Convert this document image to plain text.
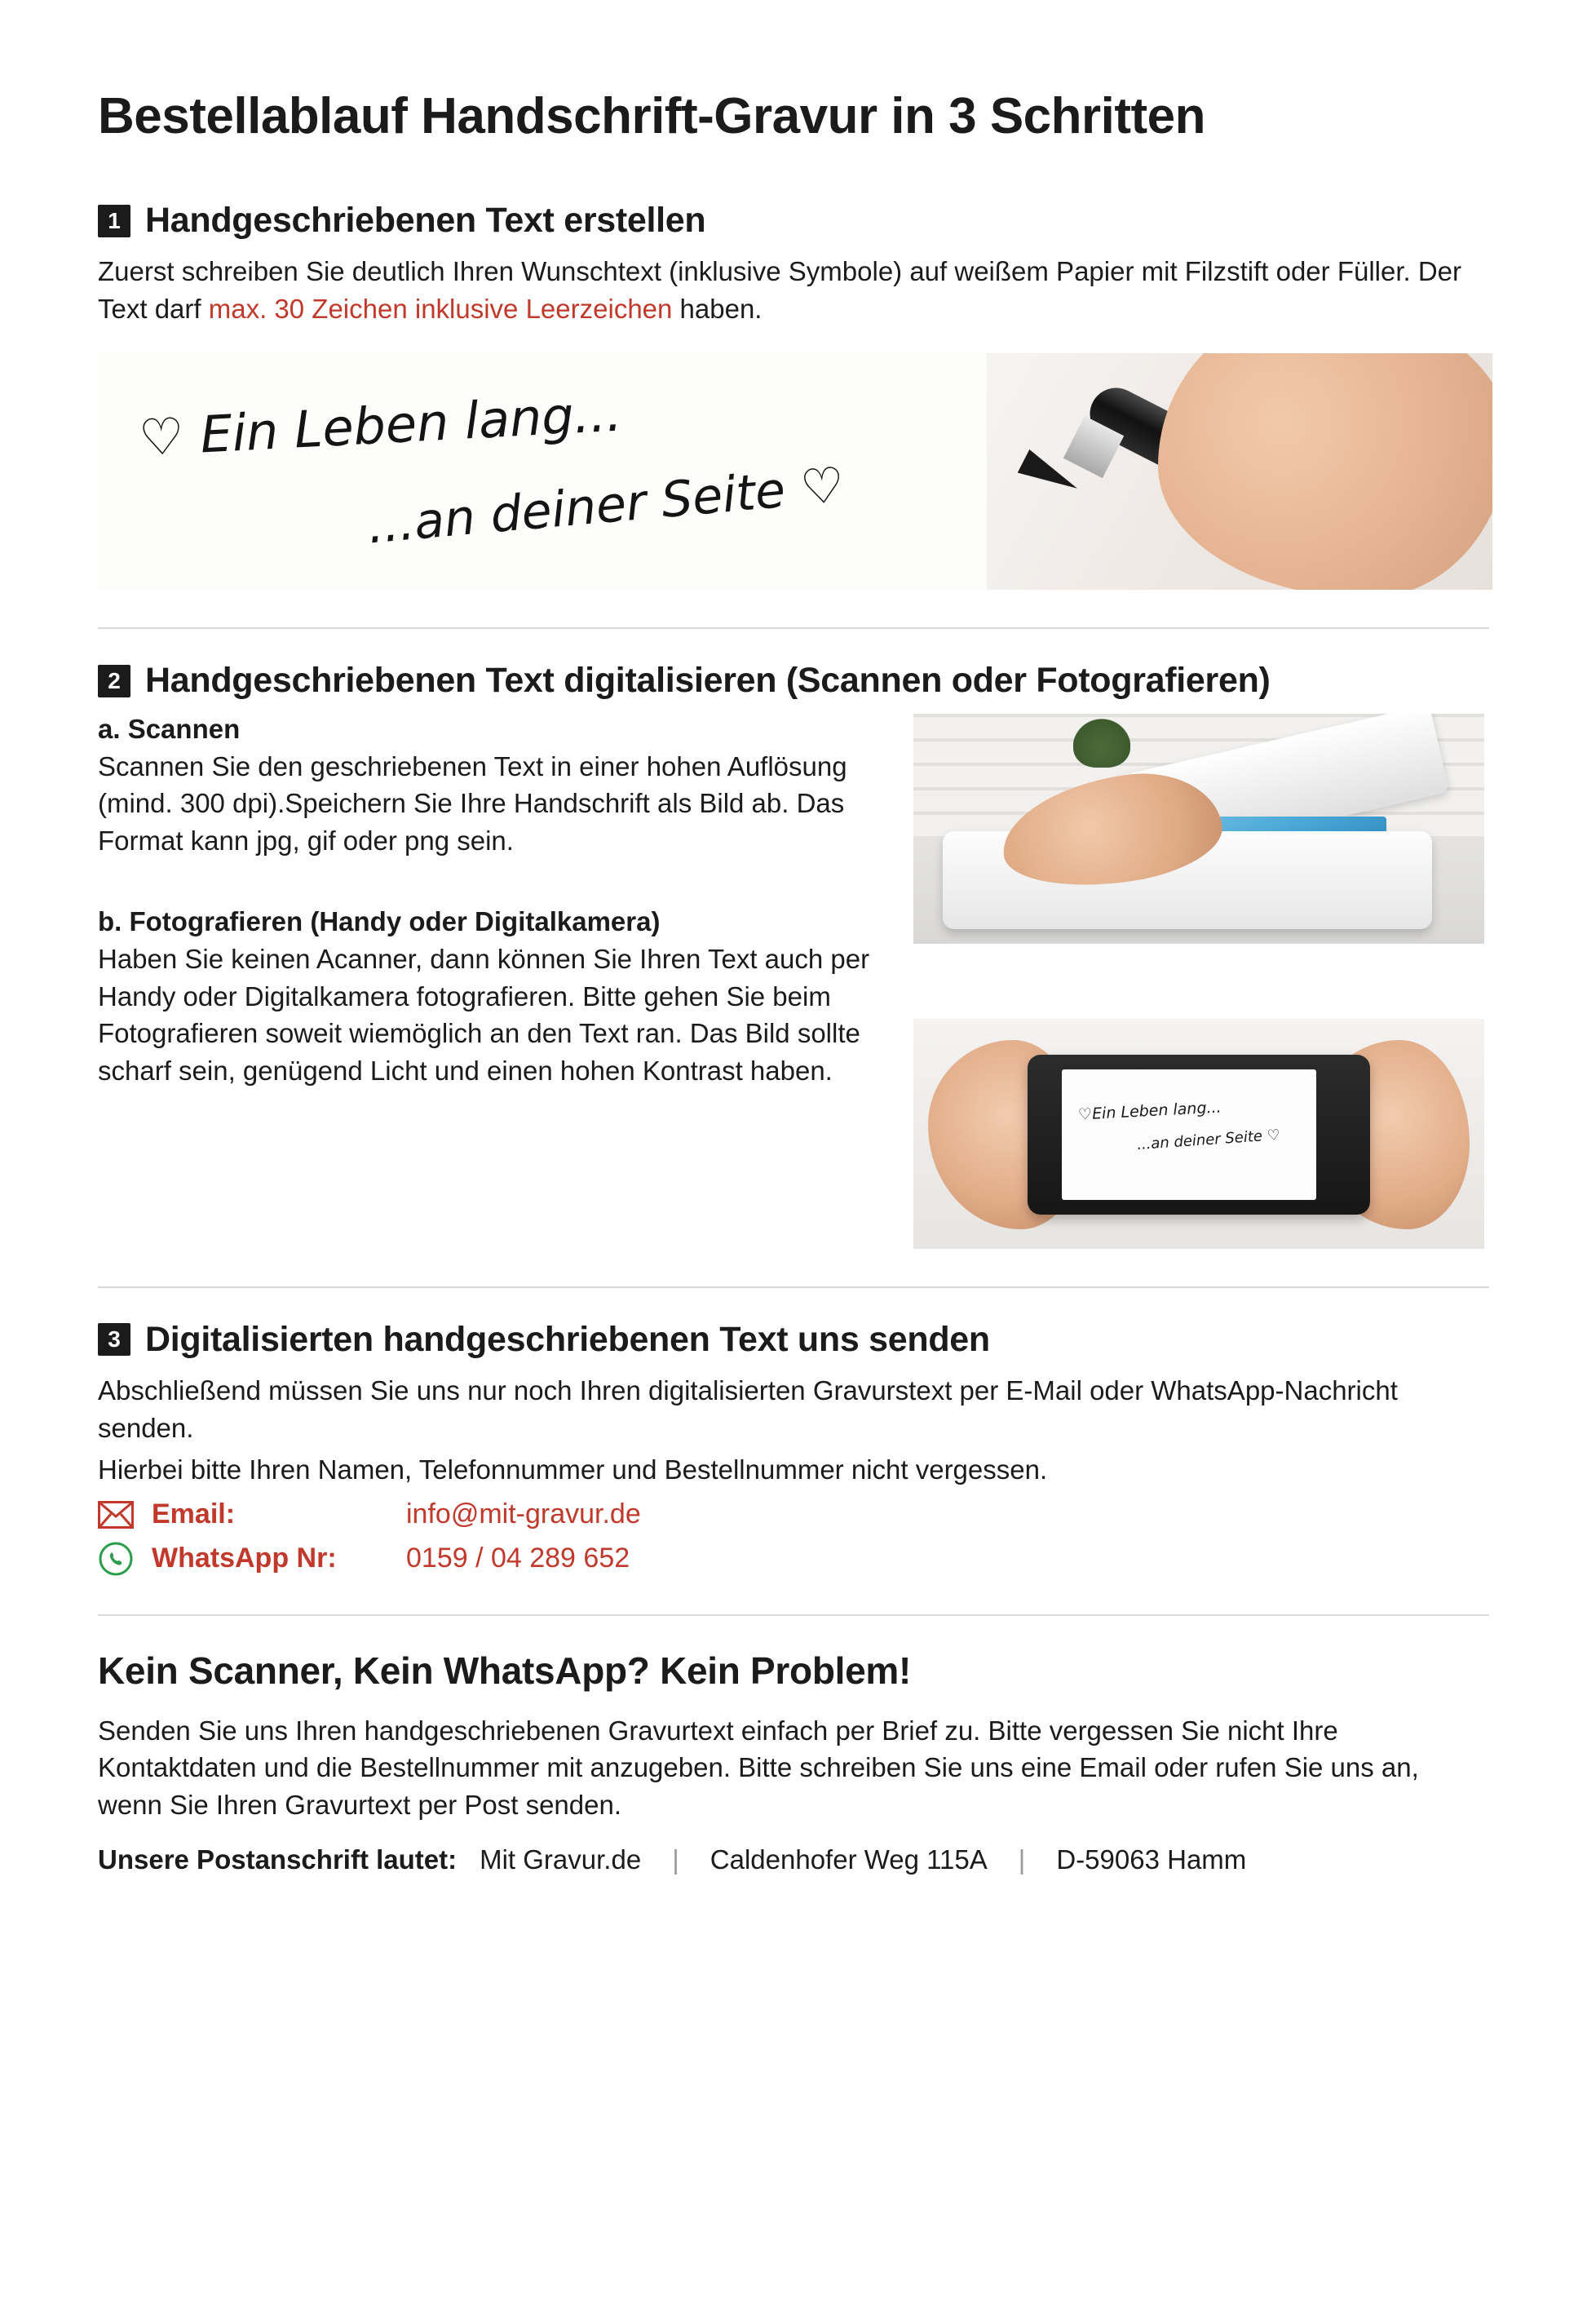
Bestellablauf Handschrift-Gravur in 3 Schritten
1 Handgeschriebenen Text erstellen

Zuerst schreiben Sie deutlich Ihren Wunschtext (inklusive Symbole) auf weißem Papier mit Filzstift oder Füller. Der Text darf max. 30 Zeichen inklusive Leerzeichen haben.

♡ Ein Leben lang...
...an deiner Seite ♡
2 Handgeschriebenen Text digitalisieren (Scannen oder Fotografieren)
a. Scannen

Scannen Sie den geschriebenen Text in einer hohen Auflösung (mind. 300 dpi).Speichern Sie Ihre Handschrift als Bild ab. Das Format kann jpg, gif oder png sein.

b. Fotografieren (Handy oder Digitalkamera)

Haben Sie keinen Acanner, dann können Sie Ihren Text auch per Handy oder Digitalkamera fotografieren. Bitte gehen Sie beim Fotografieren soweit wiemöglich an den Text ran. Das Bild sollte scharf sein, genügend Licht und einen hohen Kontrast haben.

♡Ein Leben lang...
...an deiner Seite ♡
3 Digitalisierten handgeschriebenen Text uns senden

Abschließend müssen Sie uns nur noch Ihren digitalisierten Gravurstext per E-Mail oder WhatsApp-Nachricht senden.

Hierbei bitte Ihren Namen, Telefonnummer und Bestellnummer nicht vergessen.

Email:	info@mit-gravur.de
WhatsApp Nr:	0159 / 04 289 652
Kein Scanner, Kein WhatsApp? Kein Problem!

Senden Sie uns Ihren handgeschriebenen Gravurtext einfach per Brief zu. Bitte vergessen Sie nicht Ihre Kontaktdaten und die Bestellnummer mit anzugeben. Bitte schreiben Sie uns eine Email oder rufen Sie uns an, wenn Sie Ihren Gravurtext per Post senden.

Unsere Postanschrift lautet: Mit Gravur.de	|	Caldenhofer Weg 115A	|	D-59063 Hamm
